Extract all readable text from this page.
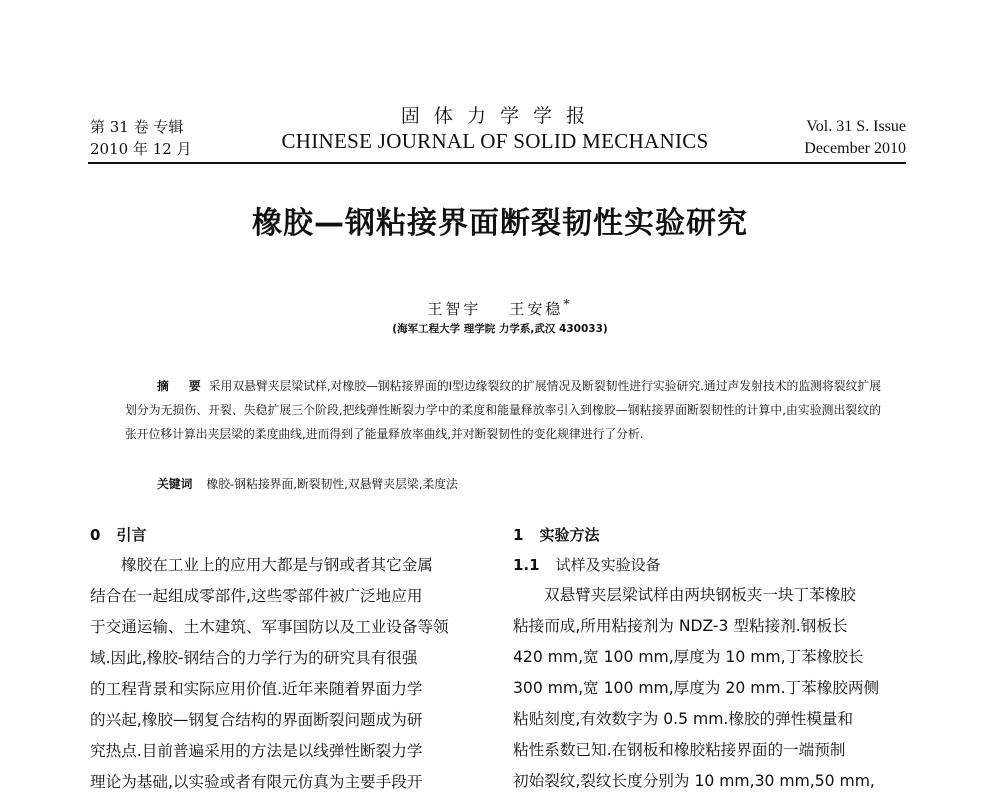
第 31 卷 专辑
2010 年 12 月
固 体 力 学 学 报
CHINESE JOURNAL OF SOLID MECHANICS
Vol. 31 S. Issue
December 2010
橡胶—钢粘接界面断裂韧性实验研究
王智宇 王安稳*
(海军工程大学 理学院 力学系,武汉 430033)
摘 要采用双悬臂夹层梁试样,对橡胶—钢粘接界面的Ⅰ型边缘裂纹的扩展情况及断裂韧性进行实验研究.通过声发射技术的监测将裂纹扩展划分为无损伤、开裂、失稳扩展三个阶段,把线弹性断裂力学中的柔度和能量释放率引入到橡胶—钢粘接界面断裂韧性的计算中,由实验测出裂纹的张开位移计算出夹层梁的柔度曲线,进而得到了能量释放率曲线,并对断裂韧性的变化规律进行了分析.
关键词 橡胶-钢粘接界面,断裂韧性,双悬臂夹层梁,柔度法
0 引言
橡胶在工业上的应用大都是与钢或者其它金属
结合在一起组成零部件,这些零部件被广泛地应用
于交通运输、土木建筑、军事国防以及工业设备等领
域.因此,橡胶-钢结合的力学行为的研究具有很强
的工程背景和实际应用价值.近年来随着界面力学
的兴起,橡胶—钢复合结构的界面断裂问题成为研
究热点.目前普遍采用的方法是以线弹性断裂力学
理论为基础,以实验或者有限元仿真为主要手段开
1 实验方法
1.1 试样及实验设备
双悬臂夹层梁试样由两块钢板夹一块丁苯橡胶
粘接而成,所用粘接剂为 NDZ-3 型粘接剂.钢板长
420 mm,宽 100 mm,厚度为 10 mm,丁苯橡胶长
300 mm,宽 100 mm,厚度为 20 mm.丁苯橡胶两侧
粘贴刻度,有效数字为 0.5 mm.橡胶的弹性模量和
粘性系数已知.在钢板和橡胶粘接界面的一端预制
初始裂纹,裂纹长度分别为 10 mm,30 mm,50 mm,
